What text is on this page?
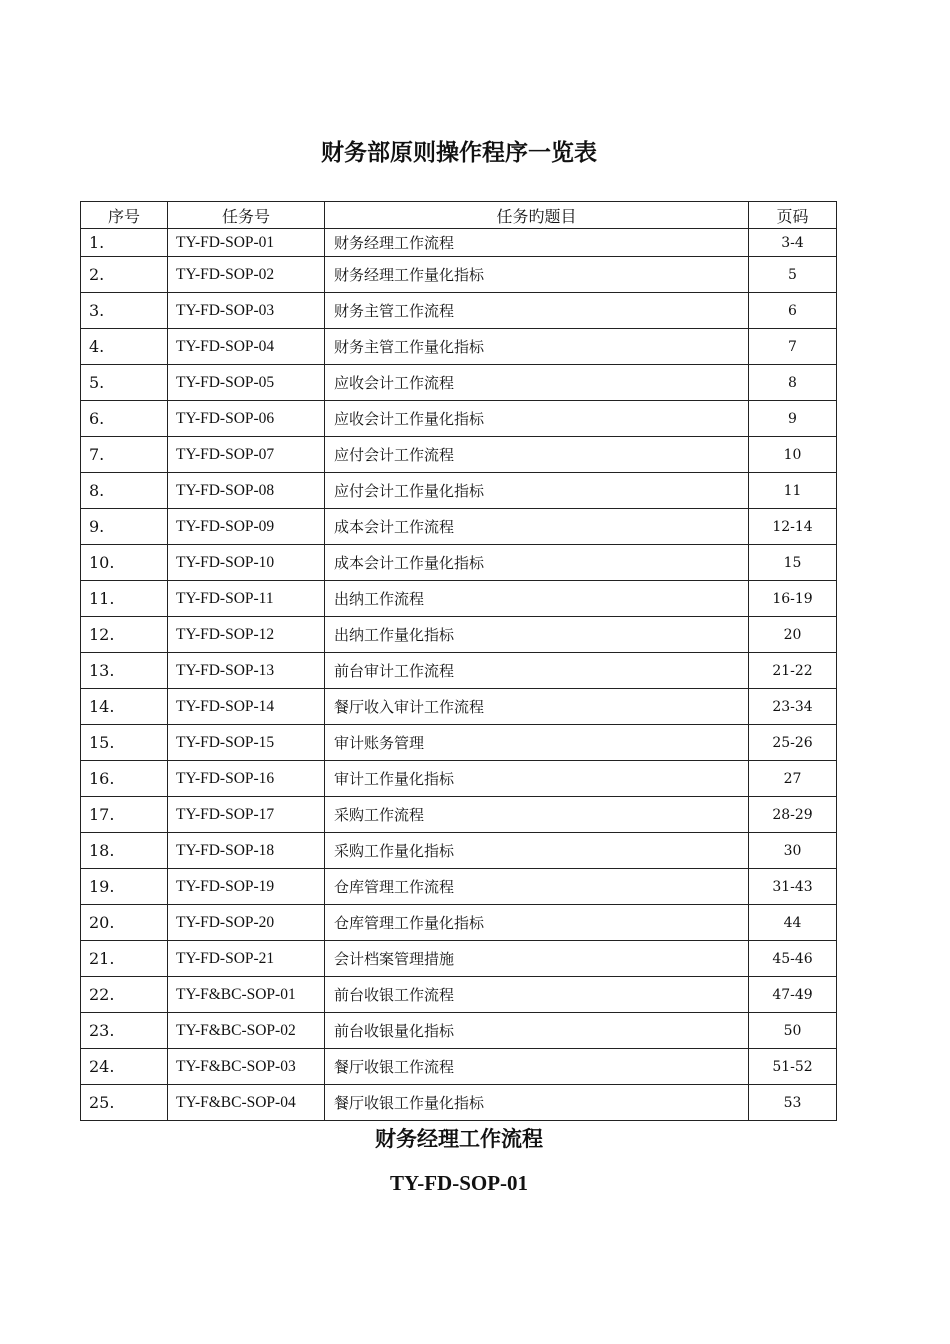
财务部原则操作程序一览表
序号	任务号	任务旳题目	页码
1.	TY-FD-SOP-01	财务经理工作流程	3-4
2.	TY-FD-SOP-02	财务经理工作量化指标	5
3.	TY-FD-SOP-03	财务主管工作流程	6
4.	TY-FD-SOP-04	财务主管工作量化指标	7
5.	TY-FD-SOP-05	应收会计工作流程	8
6.	TY-FD-SOP-06	应收会计工作量化指标	9
7.	TY-FD-SOP-07	应付会计工作流程	10
8.	TY-FD-SOP-08	应付会计工作量化指标	11
9.	TY-FD-SOP-09	成本会计工作流程	12-14
10.	TY-FD-SOP-10	成本会计工作量化指标	15
11.	TY-FD-SOP-11	出纳工作流程	16-19
12.	TY-FD-SOP-12	出纳工作量化指标	20
13.	TY-FD-SOP-13	前台审计工作流程	21-22
14.	TY-FD-SOP-14	餐厅收入审计工作流程	23-34
15.	TY-FD-SOP-15	审计账务管理	25-26
16.	TY-FD-SOP-16	审计工作量化指标	27
17.	TY-FD-SOP-17	采购工作流程	28-29
18.	TY-FD-SOP-18	采购工作量化指标	30
19.	TY-FD-SOP-19	仓库管理工作流程	31-43
20.	TY-FD-SOP-20	仓库管理工作量化指标	44
21.	TY-FD-SOP-21	会计档案管理措施	45-46
22.	TY-F&BC-SOP-01	前台收银工作流程	47-49
23.	TY-F&BC-SOP-02	前台收银量化指标	50
24.	TY-F&BC-SOP-03	餐厅收银工作流程	51-52
25.	TY-F&BC-SOP-04	餐厅收银工作量化指标	53
财务经理工作流程
TY-FD-SOP-01
